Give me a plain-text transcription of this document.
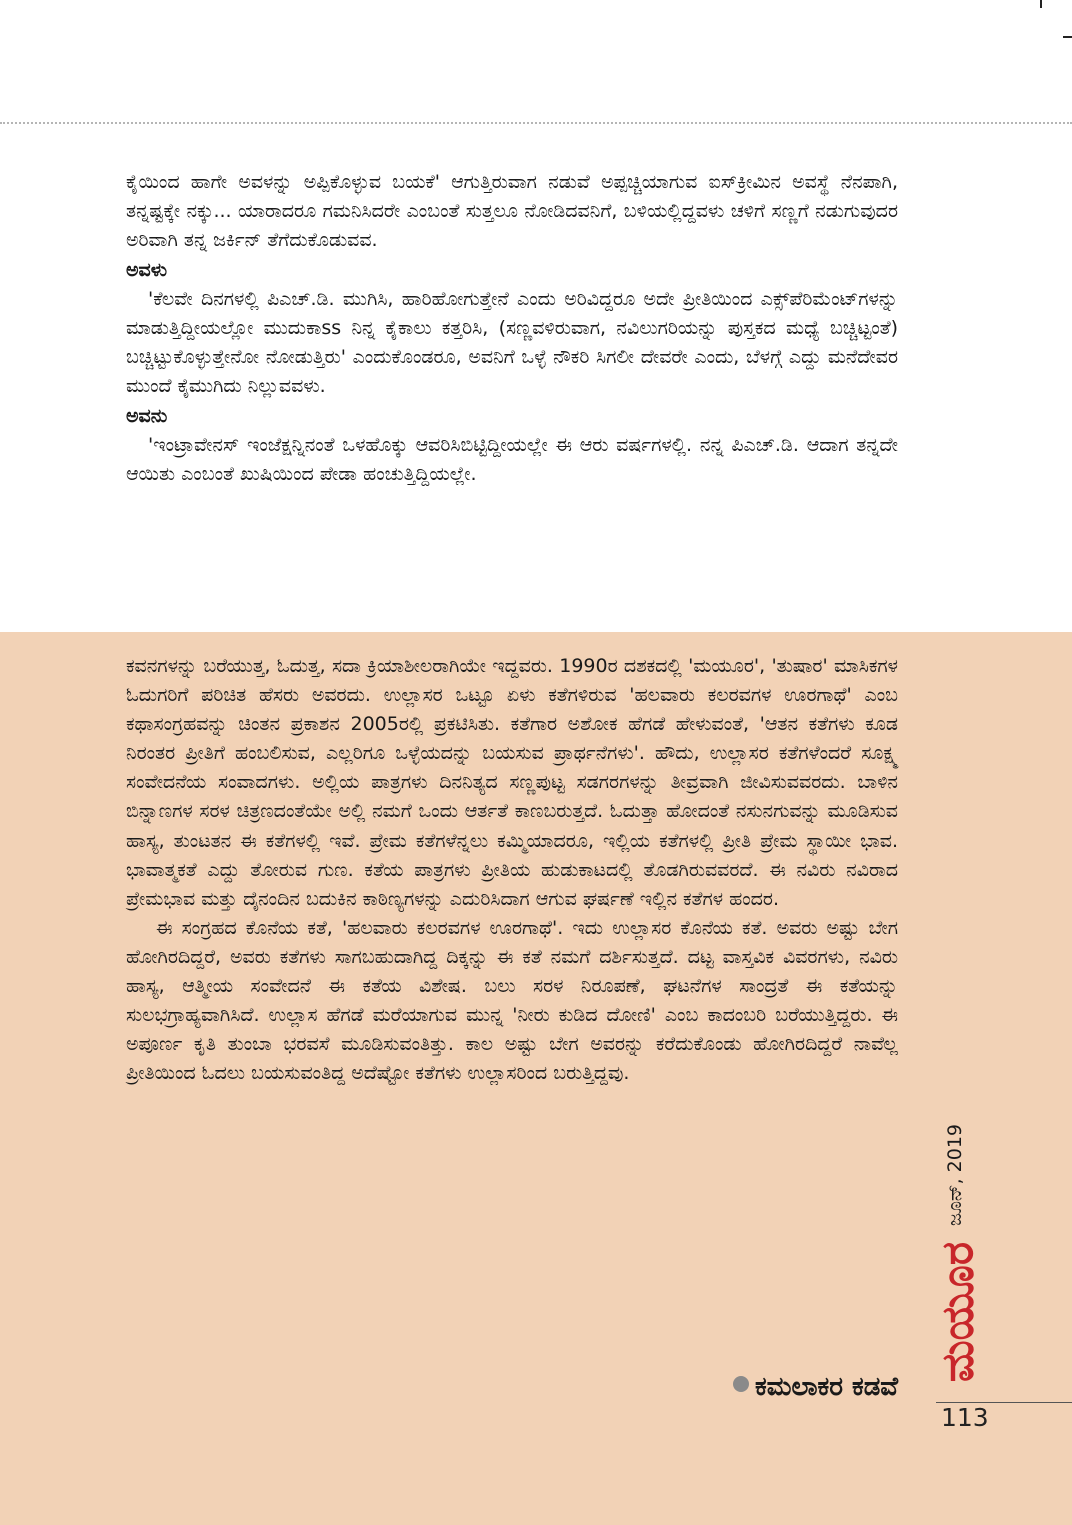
ಕೈಯಿಂದ ಹಾಗೇ ಅವಳನ್ನು ಅಪ್ಪಿಕೊಳ್ಳುವ ಬಯಕೆ' ಆಗುತ್ತಿರುವಾಗ ನಡುವೆ ಅಪ್ಪಚ್ಚಿಯಾಗುವ ಐಸ್‌ಕ್ರೀಮಿನ ಅವಸ್ಥೆ ನೆನಪಾಗಿ, ತನ್ನಷ್ಟಕ್ಕೇ ನಕ್ಕು... ಯಾರಾದರೂ ಗಮನಿಸಿದರೇ ಎಂಬಂತೆ ಸುತ್ತಲೂ ನೋಡಿದವನಿಗೆ, ಬಳಿಯಲ್ಲಿದ್ದವಳು ಚಳಿಗೆ ಸಣ್ಣಗೆ ನಡುಗುವುದರ ಅರಿವಾಗಿ ತನ್ನ ಜರ್ಕಿನ್ ತೆಗೆದುಕೊಡುವವ.

ಅವಳು

'ಕೆಲವೇ ದಿನಗಳಲ್ಲಿ ಪಿಎಚ್.ಡಿ. ಮುಗಿಸಿ, ಹಾರಿಹೋಗುತ್ತೇನೆ ಎಂದು ಅರಿವಿದ್ದರೂ ಅದೇ ಪ್ರೀತಿಯಿಂದ ಎಕ್ಸ್‌ಪೆರಿಮೆಂಟ್‌ಗಳನ್ನು ಮಾಡುತ್ತಿದ್ದೀಯಲ್ಲೋ ಮುದುಕಾss ನಿನ್ನ ಕೈಕಾಲು ಕತ್ತರಿಸಿ, (ಸಣ್ಣವಳಿರುವಾಗ, ನವಿಲುಗರಿಯನ್ನು ಪುಸ್ತಕದ ಮಧ್ಯೆ ಬಚ್ಚಿಟ್ಟಂತೆ) ಬಚ್ಚಿಟ್ಟುಕೊಳ್ಳುತ್ತೇನೋ ನೋಡುತ್ತಿರು' ಎಂದುಕೊಂಡರೂ, ಅವನಿಗೆ ಒಳ್ಳೆ ನೌಕರಿ ಸಿಗಲೀ ದೇವರೇ ಎಂದು, ಬೆಳಗ್ಗೆ ಎದ್ದು ಮನೆದೇವರ ಮುಂದೆ ಕೈಮುಗಿದು ನಿಲ್ಲುವವಳು.

ಅವನು

'ಇಂಟ್ರಾವೇನಸ್ ಇಂಜೆಕ್ಷನ್ನಿನಂತೆ ಒಳಹೊಕ್ಕು ಆವರಿಸಿಬಿಟ್ಟಿದ್ದೀಯಲ್ಲೇ ಈ ಆರು ವರ್ಷಗಳಲ್ಲಿ. ನನ್ನ ಪಿಎಚ್.ಡಿ. ಆದಾಗ ತನ್ನದೇ ಆಯಿತು ಎಂಬಂತೆ ಖುಷಿಯಿಂದ ಪೇಡಾ ಹಂಚುತ್ತಿದ್ದಿಯಲ್ಲೇ.

ಕವನಗಳನ್ನು ಬರೆಯುತ್ತ, ಓದುತ್ತ, ಸದಾ ಕ್ರಿಯಾಶೀಲರಾಗಿಯೇ ಇದ್ದವರು. 1990ರ ದಶಕದಲ್ಲಿ 'ಮಯೂರ', 'ತುಷಾರ' ಮಾಸಿಕಗಳ ಓದುಗರಿಗೆ ಪರಿಚಿತ ಹೆಸರು ಅವರದು. ಉಲ್ಲಾಸರ ಒಟ್ಟೂ ಏಳು ಕತೆಗಳಿರುವ 'ಹಲವಾರು ಕಲರವಗಳ ಊರಗಾಥೆ' ಎಂಬ ಕಥಾಸಂಗ್ರಹವನ್ನು ಚಿಂತನ ಪ್ರಕಾಶನ 2005ರಲ್ಲಿ ಪ್ರಕಟಿಸಿತು. ಕತೆಗಾರ ಅಶೋಕ ಹೆಗಡೆ ಹೇಳುವಂತೆ, 'ಆತನ ಕತೆಗಳು ಕೂಡ ನಿರಂತರ ಪ್ರೀತಿಗೆ ಹಂಬಲಿಸುವ, ಎಲ್ಲರಿಗೂ ಒಳ್ಳೆಯದನ್ನು ಬಯಸುವ ಪ್ರಾರ್ಥನೆಗಳು'. ಹೌದು, ಉಲ್ಲಾಸರ ಕತೆಗಳೆಂದರೆ ಸೂಕ್ಷ್ಮ ಸಂವೇದನೆಯ ಸಂವಾದಗಳು. ಅಲ್ಲಿಯ ಪಾತ್ರಗಳು ದಿನನಿತ್ಯದ ಸಣ್ಣಪುಟ್ಟ ಸಡಗರಗಳನ್ನು ತೀವ್ರವಾಗಿ ಜೀವಿಸುವವರದು. ಬಾಳಿನ ಬಿನ್ನಾಣಗಳ ಸರಳ ಚಿತ್ರಣದಂತೆಯೇ ಅಲ್ಲಿ ನಮಗೆ ಒಂದು ಆರ್ತತೆ ಕಾಣಬರುತ್ತದೆ. ಓದುತ್ತಾ ಹೋದಂತೆ ನಸುನಗುವನ್ನು ಮೂಡಿಸುವ ಹಾಸ್ಯ, ತುಂಟತನ ಈ ಕತೆಗಳಲ್ಲಿ ಇವೆ. ಪ್ರೇಮ ಕತೆಗಳೆನ್ನಲು ಕಮ್ಮಿಯಾದರೂ, ಇಲ್ಲಿಯ ಕತೆಗಳಲ್ಲಿ ಪ್ರೀತಿ ಪ್ರೇಮ ಸ್ಥಾಯೀ ಭಾವ. ಭಾವಾತ್ಮಕತೆ ಎದ್ದು ತೋರುವ ಗುಣ. ಕತೆಯ ಪಾತ್ರಗಳು ಪ್ರೀತಿಯ ಹುಡುಕಾಟದಲ್ಲಿ ತೊಡಗಿರುವವರದೆ. ಈ ನವಿರು ನವಿರಾದ ಪ್ರೇಮಭಾವ ಮತ್ತು ದೈನಂದಿನ ಬದುಕಿನ ಕಾಠಿಣ್ಯಗಳನ್ನು ಎದುರಿಸಿದಾಗ ಆಗುವ ಘರ್ಷಣೆ ಇಲ್ಲಿನ ಕತೆಗಳ ಹಂದರ.

ಈ ಸಂಗ್ರಹದ ಕೊನೆಯ ಕತೆ, 'ಹಲವಾರು ಕಲರವಗಳ ಊರಗಾಥೆ'. ಇದು ಉಲ್ಲಾಸರ ಕೊನೆಯ ಕತೆ. ಅವರು ಅಷ್ಟು ಬೇಗ ಹೋಗಿರದಿದ್ದರೆ, ಅವರು ಕತೆಗಳು ಸಾಗಬಹುದಾಗಿದ್ದ ದಿಕ್ಕನ್ನು ಈ ಕತೆ ನಮಗೆ ದರ್ಶಿಸುತ್ತದೆ. ದಟ್ಟ ವಾಸ್ತವಿಕ ವಿವರಗಳು, ನವಿರು ಹಾಸ್ಯ, ಆತ್ಮೀಯ ಸಂವೇದನೆ ಈ ಕತೆಯ ವಿಶೇಷ. ಬಲು ಸರಳ ನಿರೂಪಣೆ, ಘಟನೆಗಳ ಸಾಂದ್ರತೆ ಈ ಕತೆಯನ್ನು ಸುಲಭಗ್ರಾಹ್ಯವಾಗಿಸಿದೆ. ಉಲ್ಲಾಸ ಹೆಗಡೆ ಮರೆಯಾಗುವ ಮುನ್ನ 'ನೀರು ಕುಡಿದ ದೋಣಿ' ಎಂಬ ಕಾದಂಬರಿ ಬರೆಯುತ್ತಿದ್ದರು. ಈ ಅಪೂರ್ಣ ಕೃತಿ ತುಂಬಾ ಭರವಸೆ ಮೂಡಿಸುವಂತಿತ್ತು. ಕಾಲ ಅಷ್ಟು ಬೇಗ ಅವರನ್ನು ಕರೆದುಕೊಂಡು ಹೋಗಿರದಿದ್ದರೆ ನಾವೆಲ್ಲ ಪ್ರೀತಿಯಿಂದ ಓದಲು ಬಯಸುವಂತಿದ್ದ ಅದೆಷ್ಟೋ ಕತೆಗಳು ಉಲ್ಲಾಸರಿಂದ ಬರುತ್ತಿದ್ದವು.

ಕಮಲಾಕರ ಕಡವೆ
ಜೂನ್, 2019
ಮಯೂರ
113
